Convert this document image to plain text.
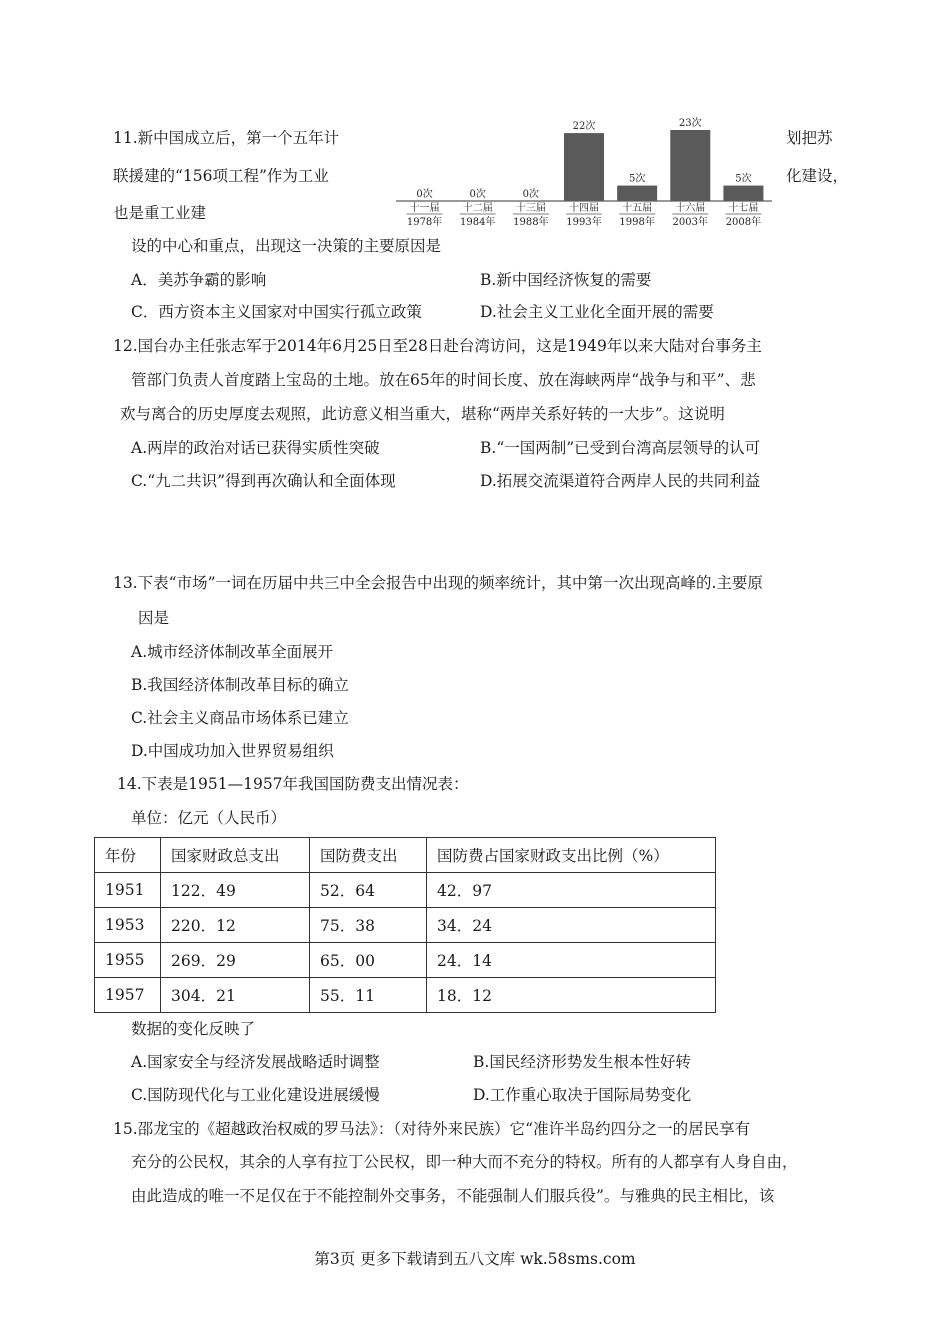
11.新中国成立后，第一个五年计	划把苏
联援建的“156项工程”作为工业	化建设，
也是重工业建
0次
十一届
1978年
0次
十二届
1984年
0次
十三届
1988年
22次
十四届
1993年
5次
十五届
1998年
23次
十六届
2003年
5次
十七届
2008年
设的中心和重点，出现这一决策的主要原因是
A．美苏争霸的影响	B.新中国经济恢复的需要
C．西方资本主义国家对中国实行孤立政策	D.社会主义工业化全面开展的需要
12.国台办主任张志军于2014年6月25日至28日赴台湾访问，这是1949年以来大陆对台事务主
管部门负责人首度踏上宝岛的土地。放在65年的时间长度、放在海峡两岸“战争与和平”、悲
欢与离合的历史厚度去观照，此访意义相当重大，堪称“两岸关系好转的一大步”。这说明
A.两岸的政治对话已获得实质性突破	B.“一国两制”已受到台湾高层领导的认可
C.“九二共识”得到再次确认和全面体现	D.拓展交流渠道符合两岸人民的共同利益
13.下表“市场”一词在历届中共三中全会报告中出现的频率统计，其中第一次出现高峰的.主要原
因是
A.城市经济体制改革全面展开
B.我国经济体制改革目标的确立
C.社会主义商品市场体系已建立
D.中国成功加入世界贸易组织
14.下表是1951—1957年我国国防费支出情况表：
单位：亿元（人民币）
年份	国家财政总支出	国防费支出	国防费占国家财政支出比例（%）
1951	122．49	52．64	42．97
1953	220．12	75．38	34．24
1955	269．29	65．00	24．14
1957	304．21	55．11	18．12
数据的变化反映了
A.国家安全与经济发展战略适时调整	B.国民经济形势发生根本性好转
C.国防现代化与工业化建设进展缓慢	D.工作重心取决于国际局势变化
15.邵龙宝的《超越政治权威的罗马法》：（对待外来民族）它“准许半岛约四分之一的居民享有
充分的公民权，其余的人享有拉丁公民权，即一种大而不充分的特权。所有的人都享有人身自由，
由此造成的唯一不足仅在于不能控制外交事务，不能强制人们服兵役”。与雅典的民主相比，该
第3页 更多下载请到五八文库 wk.58sms.com
